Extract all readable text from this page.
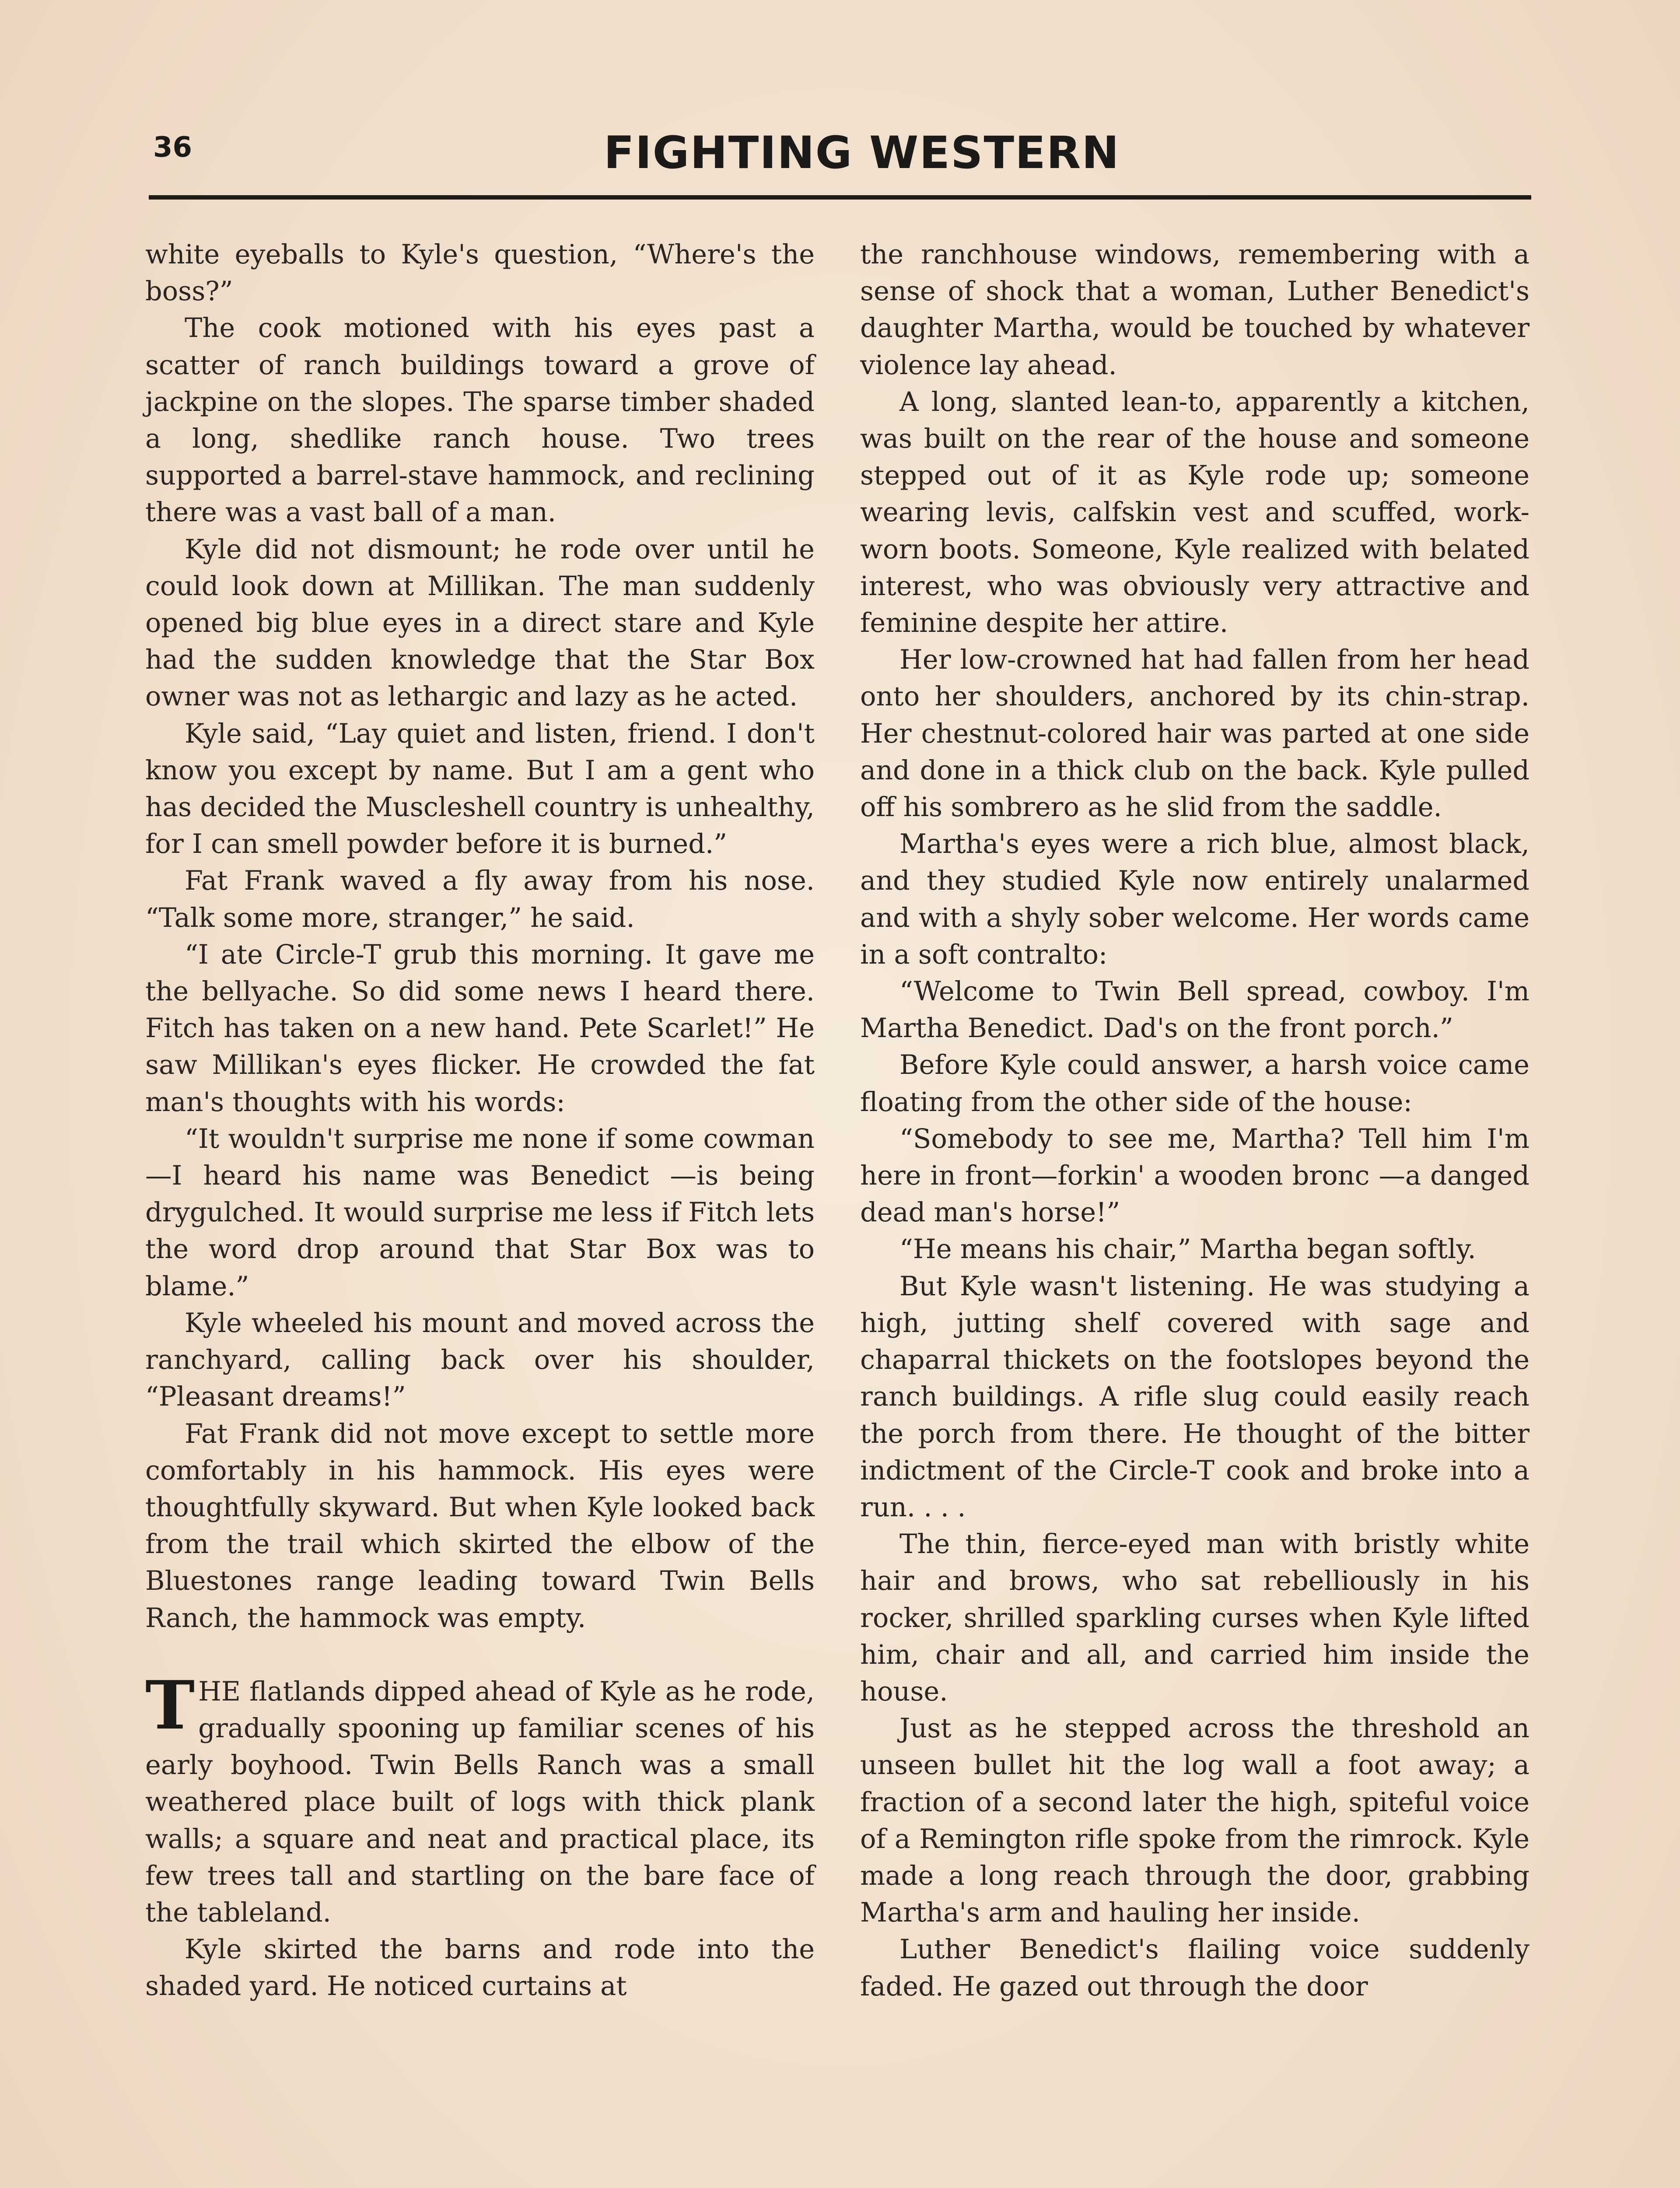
36	FIGHTING WESTERN

white eyeballs to Kyle's question, “Where's the boss?”

The cook motioned with his eyes past a scatter of ranch buildings toward a grove of jackpine on the slopes. The sparse timber shaded a long, shedlike ranch house. Two trees supported a barrel-stave hammock, and reclining there was a vast ball of a man.

Kyle did not dismount; he rode over until he could look down at Millikan. The man suddenly opened big blue eyes in a direct stare and Kyle had the sudden knowledge that the Star Box owner was not as lethargic and lazy as he acted.

Kyle said, “Lay quiet and listen, friend. I don't know you except by name. But I am a gent who has decided the Muscleshell country is unhealthy, for I can smell powder before it is burned.”

Fat Frank waved a fly away from his nose. “Talk some more, stranger,” he said.

“I ate Circle-T grub this morning. It gave me the bellyache. So did some news I heard there. Fitch has taken on a new hand. Pete Scarlet!” He saw Millikan's eyes flicker. He crowded the fat man's thoughts with his words:

“It wouldn't surprise me none if some cowman—I heard his name was Benedict —is being drygulched. It would surprise me less if Fitch lets the word drop around that Star Box was to blame.”

Kyle wheeled his mount and moved across the ranchyard, calling back over his shoulder, “Pleasant dreams!”

Fat Frank did not move except to settle more comfortably in his hammock. His eyes were thoughtfully skyward. But when Kyle looked back from the trail which skirted the elbow of the Bluestones range leading toward Twin Bells Ranch, the hammock was empty.

THE flatlands dipped ahead of Kyle as he rode, gradually spooning up familiar scenes of his early boyhood. Twin Bells Ranch was a small weathered place built of logs with thick plank walls; a square and neat and practical place, its few trees tall and startling on the bare face of the tableland.

Kyle skirted the barns and rode into the shaded yard. He noticed curtains at

the ranchhouse windows, remembering with a sense of shock that a woman, Luther Benedict's daughter Martha, would be touched by whatever violence lay ahead.

A long, slanted lean-to, apparently a kitchen, was built on the rear of the house and someone stepped out of it as Kyle rode up; someone wearing levis, calfskin vest and scuffed, work-worn boots. Someone, Kyle realized with belated interest, who was obviously very attractive and feminine despite her attire.

Her low-crowned hat had fallen from her head onto her shoulders, anchored by its chin-strap. Her chestnut-colored hair was parted at one side and done in a thick club on the back. Kyle pulled off his sombrero as he slid from the saddle.

Martha's eyes were a rich blue, almost black, and they studied Kyle now entirely unalarmed and with a shyly sober welcome. Her words came in a soft contralto:

“Welcome to Twin Bell spread, cowboy. I'm Martha Benedict. Dad's on the front porch.”

Before Kyle could answer, a harsh voice came floating from the other side of the house:

“Somebody to see me, Martha? Tell him I'm here in front—forkin' a wooden bronc —a danged dead man's horse!”

“He means his chair,” Martha began softly.

But Kyle wasn't listening. He was studying a high, jutting shelf covered with sage and chaparral thickets on the footslopes beyond the ranch buildings. A rifle slug could easily reach the porch from there. He thought of the bitter indictment of the Circle-T cook and broke into a run. . . .

The thin, fierce-eyed man with bristly white hair and brows, who sat rebelliously in his rocker, shrilled sparkling curses when Kyle lifted him, chair and all, and carried him inside the house.

Just as he stepped across the threshold an unseen bullet hit the log wall a foot away; a fraction of a second later the high, spiteful voice of a Remington rifle spoke from the rimrock. Kyle made a long reach through the door, grabbing Martha's arm and hauling her inside.

Luther Benedict's flailing voice suddenly faded. He gazed out through the door
